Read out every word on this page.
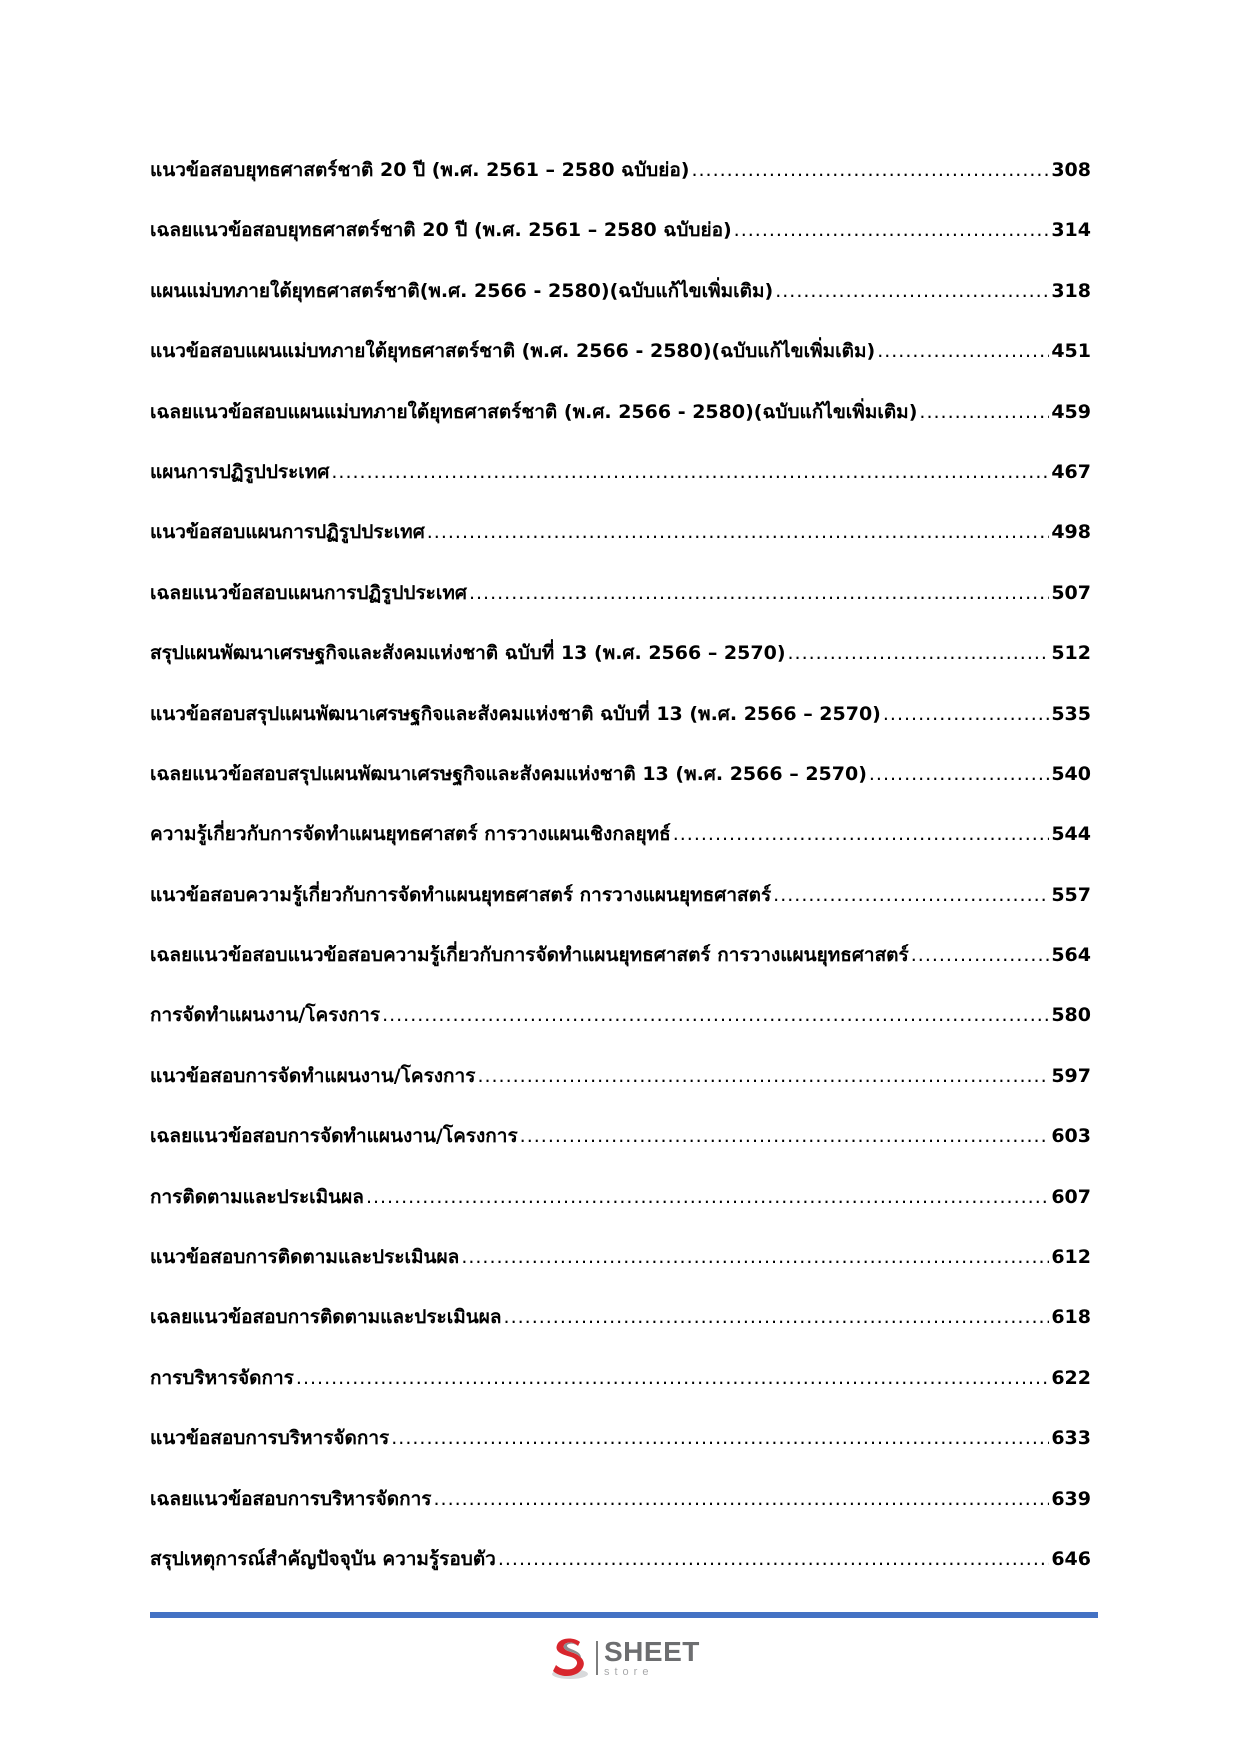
แนวข้อสอบยุทธศาสตร์ชาติ 20 ปี (พ.ศ. 2561 – 2580 ฉบับย่อ) .....	308
เฉลยแนวข้อสอบยุทธศาสตร์ชาติ 20 ปี (พ.ศ. 2561 – 2580 ฉบับย่อ) .....	314
แผนแม่บทภายใต้ยุทธศาสตร์ชาติ(พ.ศ. 2566 - 2580)(ฉบับแก้ไขเพิ่มเติม) .....	318
แนวข้อสอบแผนแม่บทภายใต้ยุทธศาสตร์ชาติ (พ.ศ. 2566 - 2580)(ฉบับแก้ไขเพิ่มเติม) .....	451
เฉลยแนวข้อสอบแผนแม่บทภายใต้ยุทธศาสตร์ชาติ (พ.ศ. 2566 - 2580)(ฉบับแก้ไขเพิ่มเติม) .....	459
แผนการปฏิรูปประเทศ .....	467
แนวข้อสอบแผนการปฏิรูปประเทศ .....	498
เฉลยแนวข้อสอบแผนการปฏิรูปประเทศ .....	507
สรุปแผนพัฒนาเศรษฐกิจและสังคมแห่งชาติ ฉบับที่ 13 (พ.ศ. 2566 – 2570) .....	512
แนวข้อสอบสรุปแผนพัฒนาเศรษฐกิจและสังคมแห่งชาติ ฉบับที่ 13 (พ.ศ. 2566 – 2570) .....	535
เฉลยแนวข้อสอบสรุปแผนพัฒนาเศรษฐกิจและสังคมแห่งชาติ 13 (พ.ศ. 2566 – 2570) .....	540
ความรู้เกี่ยวกับการจัดทำแผนยุทธศาสตร์ การวางแผนเชิงกลยุทธ์ .....	544
แนวข้อสอบความรู้เกี่ยวกับการจัดทำแผนยุทธศาสตร์ การวางแผนยุทธศาสตร์ .....	557
เฉลยแนวข้อสอบแนวข้อสอบความรู้เกี่ยวกับการจัดทำแผนยุทธศาสตร์ การวางแผนยุทธศาสตร์ .....	564
การจัดทำแผนงาน/โครงการ .....	580
แนวข้อสอบการจัดทำแผนงาน/โครงการ .....	597
เฉลยแนวข้อสอบการจัดทำแผนงาน/โครงการ .....	603
การติดตามและประเมินผล .....	607
แนวข้อสอบการติดตามและประเมินผล .....	612
เฉลยแนวข้อสอบการติดตามและประเมินผล .....	618
การบริหารจัดการ .....	622
แนวข้อสอบการบริหารจัดการ .....	633
เฉลยแนวข้อสอบการบริหารจัดการ .....	639
สรุปเหตุการณ์สำคัญปัจจุบัน ความรู้รอบตัว .....	646
SHEET
store
